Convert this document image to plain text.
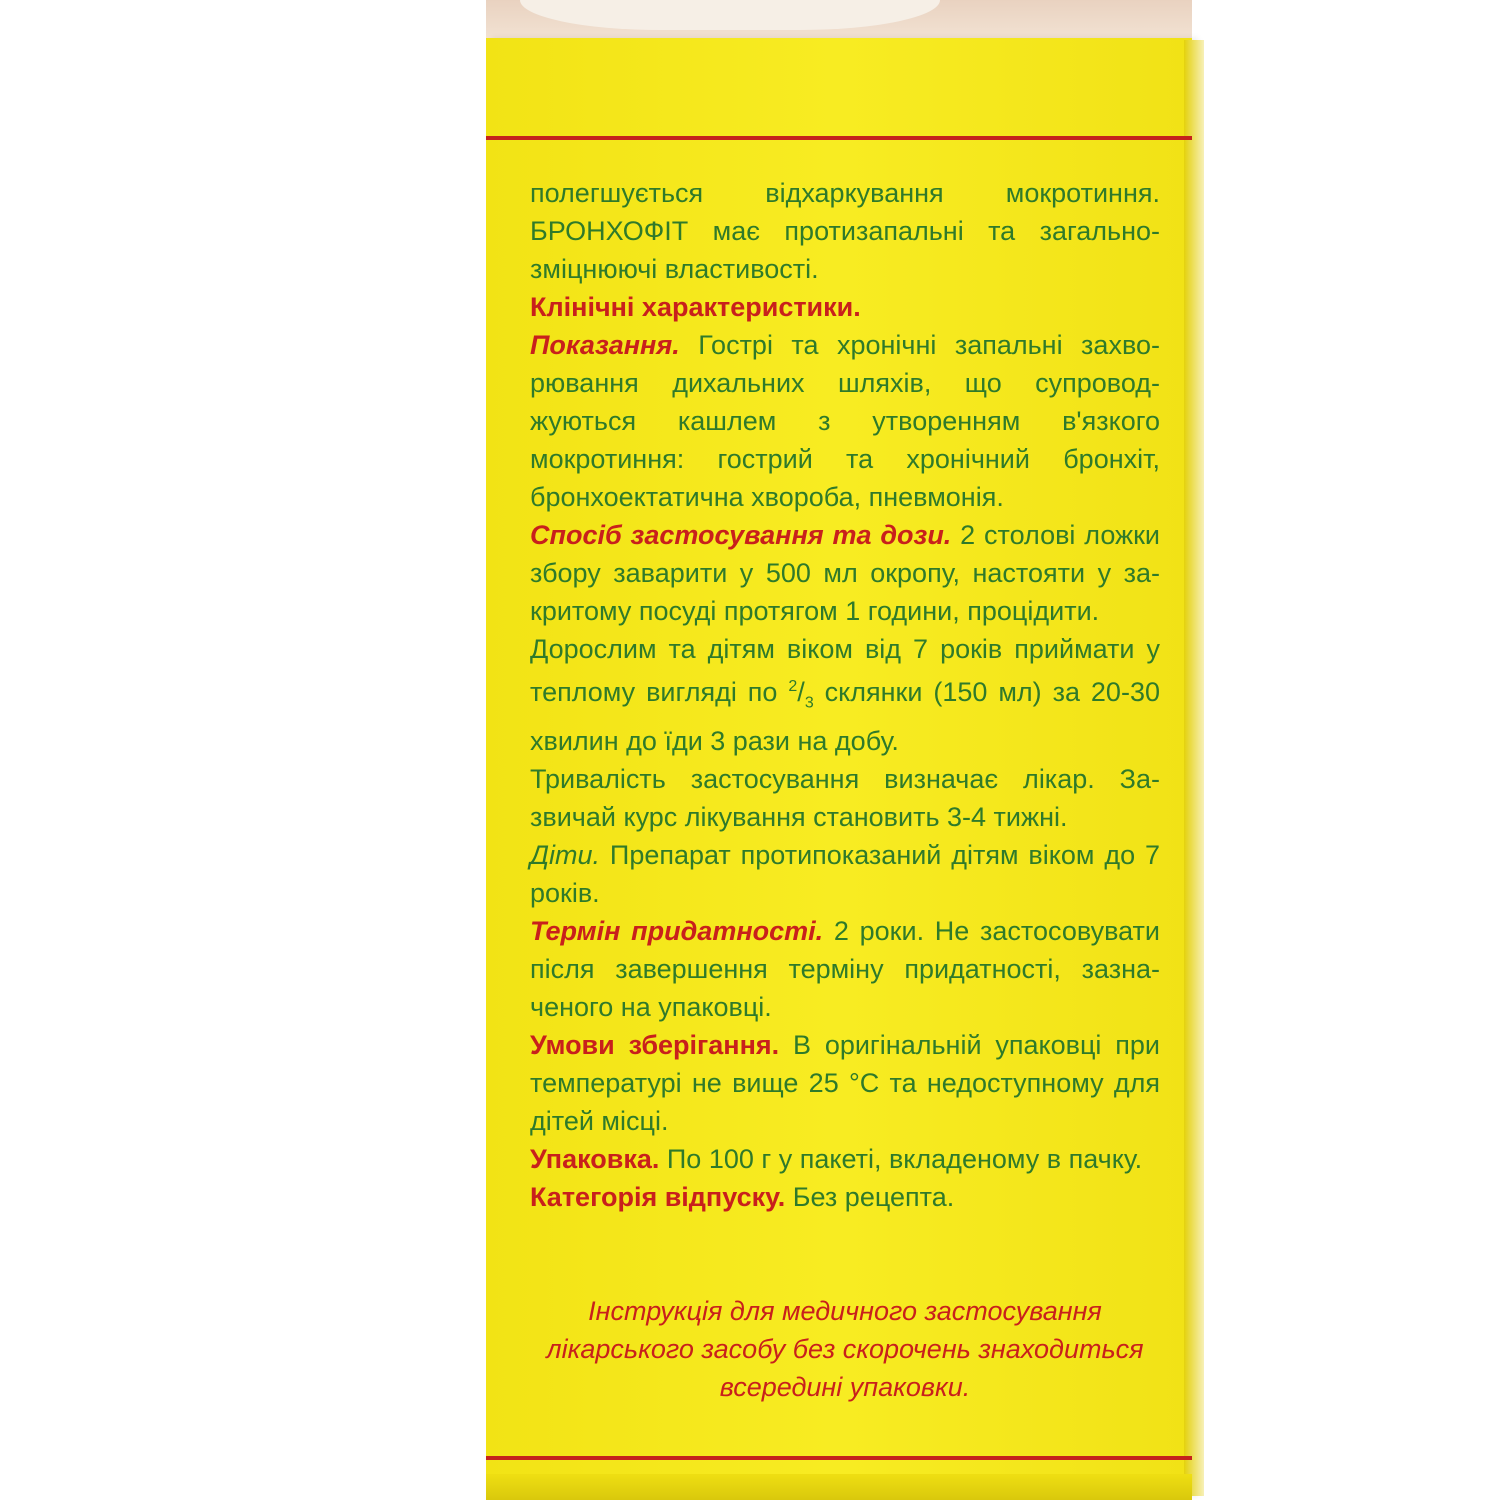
полегшується відхаркування мокротиння.

БРОНХОФІТ має протизапальні та загально-

зміцнюючі властивості.

Клінічні характеристики.

Показання. Гострі та хронічні запальні захво-рювання дихальних шляхів, що супровод-жуються кашлем з утворенням в'язкого мокротиння: гострий та хронічний бронхіт, бронхоектатична хвороба, пневмонія.

Спосіб застосування та дози. 2 столові ложки збору заварити у 500 мл окропу, настояти у за-критому посуді протягом 1 години, процідити.

Дорослим та дітям віком від 7 років приймати у теплому вигляді по $^2/_3$ склянки (150 мл) за 20-30 хвилин до їди 3 рази на добу.

Тривалість застосування визначає лікар. За-звичай курс лікування становить 3-4 тижні.

Діти. Препарат протипоказаний дітям віком до 7 років.

Термін придатності. 2 роки. Не застосовувати після завершення терміну придатності, зазна-ченого на упаковці.

Умови зберігання. В оригінальній упаковці при температурі не вище 25 °С та недоступному для дітей місці.

Упаковка. По 100 г у пакеті, вкладеному в пачку.

Категорія відпуску. Без рецепта.

Інструкція для медичного застосування

лікарського засобу без скорочень знаходиться

всередині упаковки.
